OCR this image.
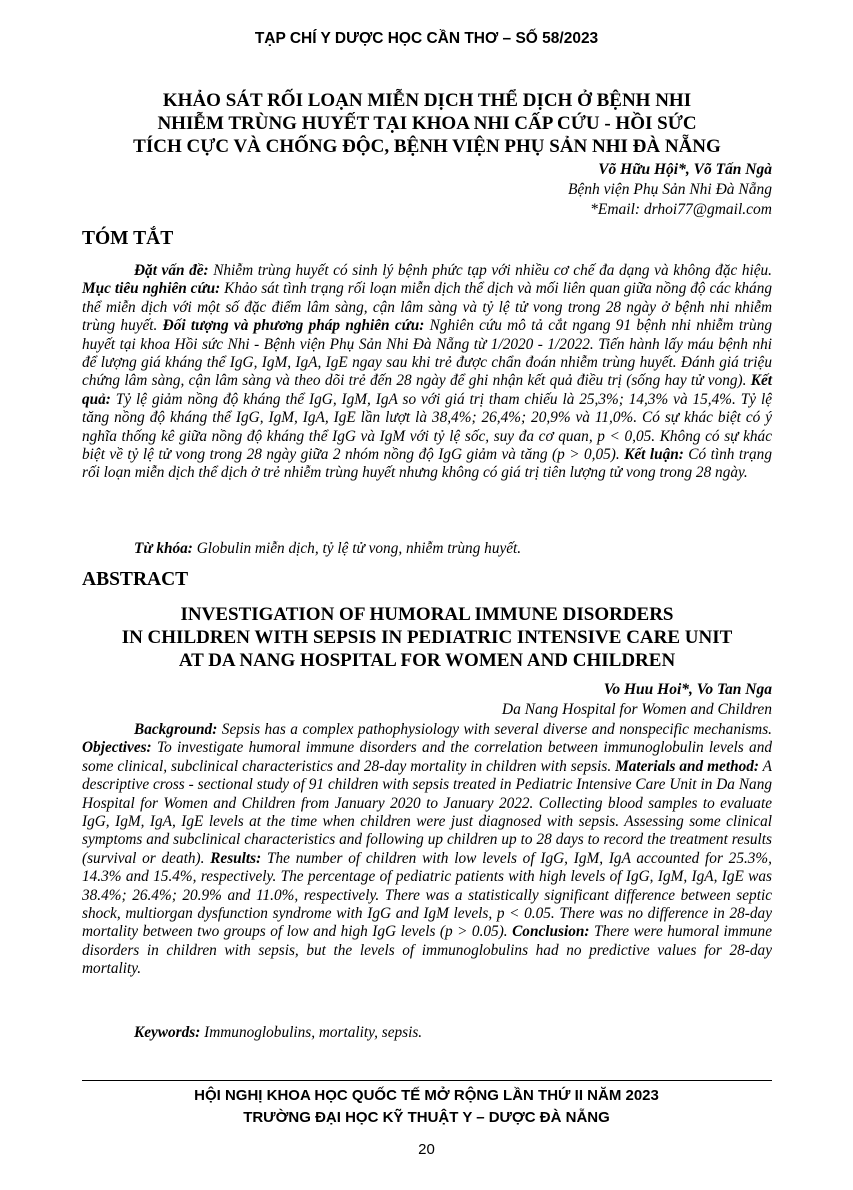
TẠP CHÍ Y DƯỢC HỌC CẦN THƠ – SỐ 58/2023
KHẢO SÁT RỐI LOẠN MIỄN DỊCH THỂ DỊCH Ở BỆNH NHI
NHIỄM TRÙNG HUYẾT TẠI KHOA NHI CẤP CỨU - HỒI SỨC
TÍCH CỰC VÀ CHỐNG ĐỘC, BỆNH VIỆN PHỤ SẢN NHI ĐÀ NẴNG
Võ Hữu Hội*, Võ Tấn Ngà
Bệnh viện Phụ Sản Nhi Đà Nẵng
*Email: drhoi77@gmail.com
TÓM TẮT
Đặt vấn đề: Nhiễm trùng huyết có sinh lý bệnh phức tạp với nhiều cơ chế đa dạng và không đặc hiệu. Mục tiêu nghiên cứu: Khảo sát tình trạng rối loạn miễn dịch thể dịch và mối liên quan giữa nồng độ các kháng thể miễn dịch với một số đặc điểm lâm sàng, cận lâm sàng và tỷ lệ tử vong trong 28 ngày ở bệnh nhi nhiễm trùng huyết. Đối tượng và phương pháp nghiên cứu: Nghiên cứu mô tả cắt ngang 91 bệnh nhi nhiễm trùng huyết tại khoa Hồi sức Nhi - Bệnh viện Phụ Sản Nhi Đà Nẵng từ 1/2020 - 1/2022. Tiến hành lấy máu bệnh nhi để lượng giá kháng thể IgG, IgM, IgA, IgE ngay sau khi trẻ được chẩn đoán nhiễm trùng huyết. Đánh giá triệu chứng lâm sàng, cận lâm sàng và theo dõi trẻ đến 28 ngày để ghi nhận kết quả điều trị (sống hay tử vong). Kết quả: Tỷ lệ giảm nồng độ kháng thể IgG, IgM, IgA so với giá trị tham chiếu là 25,3%; 14,3% và 15,4%. Tỷ lệ tăng nồng độ kháng thể IgG, IgM, IgA, IgE lần lượt là 38,4%; 26,4%; 20,9% và 11,0%. Có sự khác biệt có ý nghĩa thống kê giữa nồng độ kháng thể IgG và IgM với tỷ lệ sốc, suy đa cơ quan, p < 0,05. Không có sự khác biệt về tỷ lệ tử vong trong 28 ngày giữa 2 nhóm nồng độ IgG giảm và tăng (p > 0,05). Kết luận: Có tình trạng rối loạn miễn dịch thể dịch ở trẻ nhiễm trùng huyết nhưng không có giá trị tiên lượng tử vong trong 28 ngày.
Từ khóa: Globulin miễn dịch, tỷ lệ tử vong, nhiễm trùng huyết.
ABSTRACT
INVESTIGATION OF HUMORAL IMMUNE DISORDERS
IN CHILDREN WITH SEPSIS IN PEDIATRIC INTENSIVE CARE UNIT
AT DA NANG HOSPITAL FOR WOMEN AND CHILDREN
Vo Huu Hoi*, Vo Tan Nga
Da Nang Hospital for Women and Children
Background: Sepsis has a complex pathophysiology with several diverse and nonspecific mechanisms. Objectives: To investigate humoral immune disorders and the correlation between immunoglobulin levels and some clinical, subclinical characteristics and 28-day mortality in children with sepsis. Materials and method: A descriptive cross - sectional study of 91 children with sepsis treated in Pediatric Intensive Care Unit in Da Nang Hospital for Women and Children from January 2020 to January 2022. Collecting blood samples to evaluate IgG, IgM, IgA, IgE levels at the time when children were just diagnosed with sepsis. Assessing some clinical symptoms and subclinical characteristics and following up children up to 28 days to record the treatment results (survival or death). Results: The number of children with low levels of IgG, IgM, IgA accounted for 25.3%, 14.3% and 15.4%, respectively. The percentage of pediatric patients with high levels of IgG, IgM, IgA, IgE was 38.4%; 26.4%; 20.9% and 11.0%, respectively. There was a statistically significant difference between septic shock, multiorgan dysfunction syndrome with IgG and IgM levels, p < 0.05. There was no difference in 28-day mortality between two groups of low and high IgG levels (p > 0.05). Conclusion: There were humoral immune disorders in children with sepsis, but the levels of immunoglobulins had no predictive values for 28-day mortality.
Keywords: Immunoglobulins, mortality, sepsis.
HỘI NGHỊ KHOA HỌC QUỐC TẾ MỞ RỘNG LẦN THỨ II NĂM 2023
TRƯỜNG ĐẠI HỌC KỸ THUẬT Y – DƯỢC ĐÀ NẴNG
20
